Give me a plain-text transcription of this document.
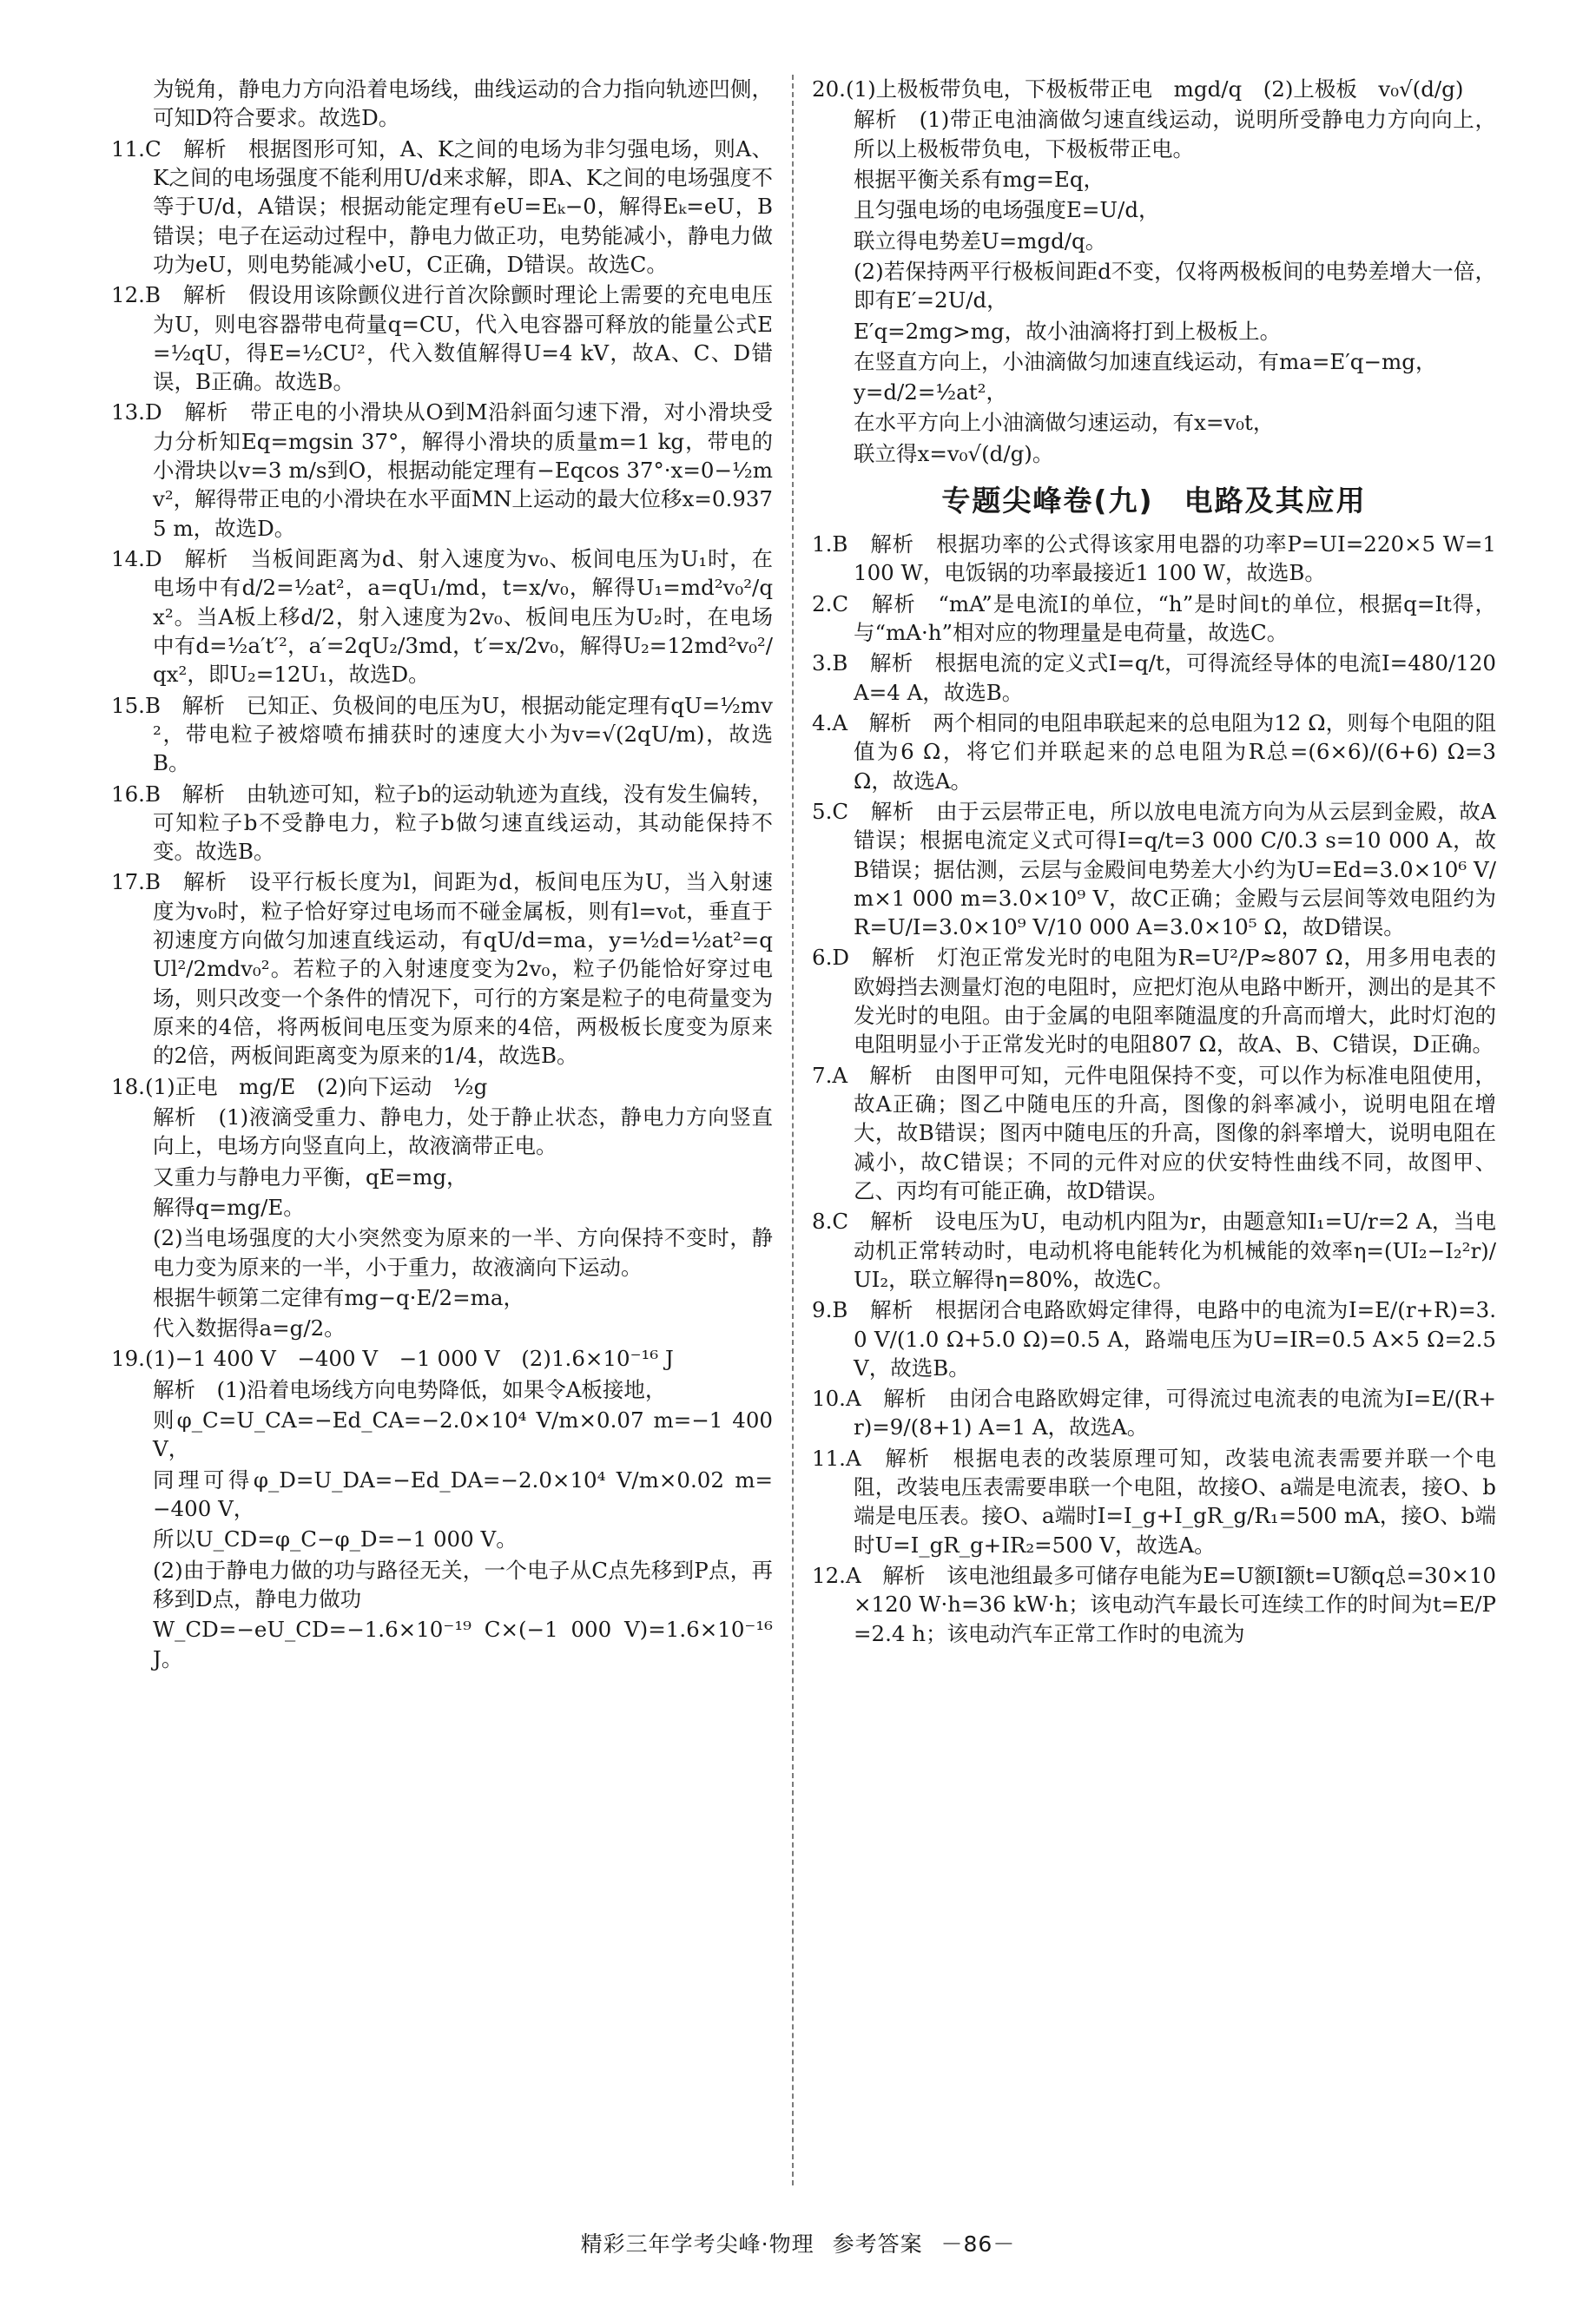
为锐角，静电力方向沿着电场线，曲线运动的合力指向轨迹凹侧，可知D符合要求。故选D。

11.C　解析　根据图形可知，A、K之间的电场为非匀强电场，则A、K之间的电场强度不能利用U/d来求解，即A、K之间的电场强度不等于U/d，A错误；根据动能定理有eU=Eₖ−0，解得Eₖ=eU，B错误；电子在运动过程中，静电力做正功，电势能减小，静电力做功为eU，则电势能减小eU，C正确，D错误。故选C。

12.B　解析　假设用该除颤仪进行首次除颤时理论上需要的充电电压为U，则电容器带电荷量q=CU，代入电容器可释放的能量公式E=½qU，得E=½CU²，代入数值解得U=4 kV，故A、C、D错误，B正确。故选B。

13.D　解析　带正电的小滑块从O到M沿斜面匀速下滑，对小滑块受力分析知Eq=mgsin 37°，解得小滑块的质量m=1 kg，带电的小滑块以v=3 m/s到O，根据动能定理有−Eqcos 37°·x=0−½mv²，解得带正电的小滑块在水平面MN上运动的最大位移x=0.937 5 m，故选D。

14.D　解析　当板间距离为d、射入速度为v₀、板间电压为U₁时，在电场中有d/2=½at²，a=qU₁/md，t=x/v₀，解得U₁=md²v₀²/qx²。当A板上移d/2，射入速度为2v₀、板间电压为U₂时，在电场中有d=½a′t′²，a′=2qU₂/3md，t′=x/2v₀，解得U₂=12md²v₀²/qx²，即U₂=12U₁，故选D。

15.B　解析　已知正、负极间的电压为U，根据动能定理有qU=½mv²，带电粒子被熔喷布捕获时的速度大小为v=√(2qU/m)，故选B。

16.B　解析　由轨迹可知，粒子b的运动轨迹为直线，没有发生偏转，可知粒子b不受静电力，粒子b做匀速直线运动，其动能保持不变。故选B。

17.B　解析　设平行板长度为l，间距为d，板间电压为U，当入射速度为v₀时，粒子恰好穿过电场而不碰金属板，则有l=v₀t，垂直于初速度方向做匀加速直线运动，有qU/d=ma，y=½d=½at²=qUl²/2mdv₀²。若粒子的入射速度变为2v₀，粒子仍能恰好穿过电场，则只改变一个条件的情况下，可行的方案是粒子的电荷量变为原来的4倍，将两板间电压变为原来的4倍，两极板长度变为原来的2倍，两板间距离变为原来的1/4，故选B。

18.(1)正电　mg/E　(2)向下运动　½g

解析　(1)液滴受重力、静电力，处于静止状态，静电力方向竖直向上，电场方向竖直向上，故液滴带正电。

又重力与静电力平衡，qE=mg，

解得q=mg/E。

(2)当电场强度的大小突然变为原来的一半、方向保持不变时，静电力变为原来的一半，小于重力，故液滴向下运动。

根据牛顿第二定律有mg−q·E/2=ma，

代入数据得a=g/2。

19.(1)−1 400 V　−400 V　−1 000 V　(2)1.6×10⁻¹⁶ J

解析　(1)沿着电场线方向电势降低，如果令A板接地，

则φ_C=U_CA=−Ed_CA=−2.0×10⁴ V/m×0.07 m=−1 400 V，

同理可得φ_D=U_DA=−Ed_DA=−2.0×10⁴ V/m×0.02 m=−400 V，

所以U_CD=φ_C−φ_D=−1 000 V。

(2)由于静电力做的功与路径无关，一个电子从C点先移到P点，再移到D点，静电力做功

W_CD=−eU_CD=−1.6×10⁻¹⁹ C×(−1 000 V)=1.6×10⁻¹⁶ J。

20.(1)上极板带负电，下极板带正电　mgd/q　(2)上极板　v₀√(d/g)

解析　(1)带正电油滴做匀速直线运动，说明所受静电力方向向上，所以上极板带负电，下极板带正电。

根据平衡关系有mg=Eq，

且匀强电场的电场强度E=U/d，

联立得电势差U=mgd/q。

(2)若保持两平行极板间距d不变，仅将两极板间的电势差增大一倍，即有E′=2U/d，

E′q=2mg>mg，故小油滴将打到上极板上。

在竖直方向上，小油滴做匀加速直线运动，有ma=E′q−mg，

y=d/2=½at²，

在水平方向上小油滴做匀速运动，有x=v₀t，

联立得x=v₀√(d/g)。

专题尖峰卷(九)　电路及其应用

1.B　解析　根据功率的公式得该家用电器的功率P=UI=220×5 W=1 100 W，电饭锅的功率最接近1 100 W，故选B。

2.C　解析　“mA”是电流I的单位，“h”是时间t的单位，根据q=It得，与“mA·h”相对应的物理量是电荷量，故选C。

3.B　解析　根据电流的定义式I=q/t，可得流经导体的电流I=480/120 A=4 A，故选B。

4.A　解析　两个相同的电阻串联起来的总电阻为12 Ω，则每个电阻的阻值为6 Ω，将它们并联起来的总电阻为R总=(6×6)/(6+6) Ω=3 Ω，故选A。

5.C　解析　由于云层带正电，所以放电电流方向为从云层到金殿，故A错误；根据电流定义式可得I=q/t=3 000 C/0.3 s=10 000 A，故B错误；据估测，云层与金殿间电势差大小约为U=Ed=3.0×10⁶ V/m×1 000 m=3.0×10⁹ V，故C正确；金殿与云层间等效电阻约为R=U/I=3.0×10⁹ V/10 000 A=3.0×10⁵ Ω，故D错误。

6.D　解析　灯泡正常发光时的电阻为R=U²/P≈807 Ω，用多用电表的欧姆挡去测量灯泡的电阻时，应把灯泡从电路中断开，测出的是其不发光时的电阻。由于金属的电阻率随温度的升高而增大，此时灯泡的电阻明显小于正常发光时的电阻807 Ω，故A、B、C错误，D正确。

7.A　解析　由图甲可知，元件电阻保持不变，可以作为标准电阻使用，故A正确；图乙中随电压的升高，图像的斜率减小，说明电阻在增大，故B错误；图丙中随电压的升高，图像的斜率增大，说明电阻在减小，故C错误；不同的元件对应的伏安特性曲线不同，故图甲、乙、丙均有可能正确，故D错误。

8.C　解析　设电压为U，电动机内阻为r，由题意知I₁=U/r=2 A，当电动机正常转动时，电动机将电能转化为机械能的效率η=(UI₂−I₂²r)/UI₂，联立解得η=80%，故选C。

9.B　解析　根据闭合电路欧姆定律得，电路中的电流为I=E/(r+R)=3.0 V/(1.0 Ω+5.0 Ω)=0.5 A，路端电压为U=IR=0.5 A×5 Ω=2.5 V，故选B。

10.A　解析　由闭合电路欧姆定律，可得流过电流表的电流为I=E/(R+r)=9/(8+1) A=1 A，故选A。

11.A　解析　根据电表的改装原理可知，改装电流表需要并联一个电阻，改装电压表需要串联一个电阻，故接O、a端是电流表，接O、b端是电压表。接O、a端时I=I_g+I_gR_g/R₁=500 mA，接O、b端时U=I_gR_g+IR₂=500 V，故选A。

12.A　解析　该电池组最多可储存电能为E=U额I额t=U额q总=30×10×120 W·h=36 kW·h；该电动汽车最长可连续工作的时间为t=E/P=2.4 h；该电动汽车正常工作时的电流为

精彩三年学考尖峰·物理 参考答案 －86－
